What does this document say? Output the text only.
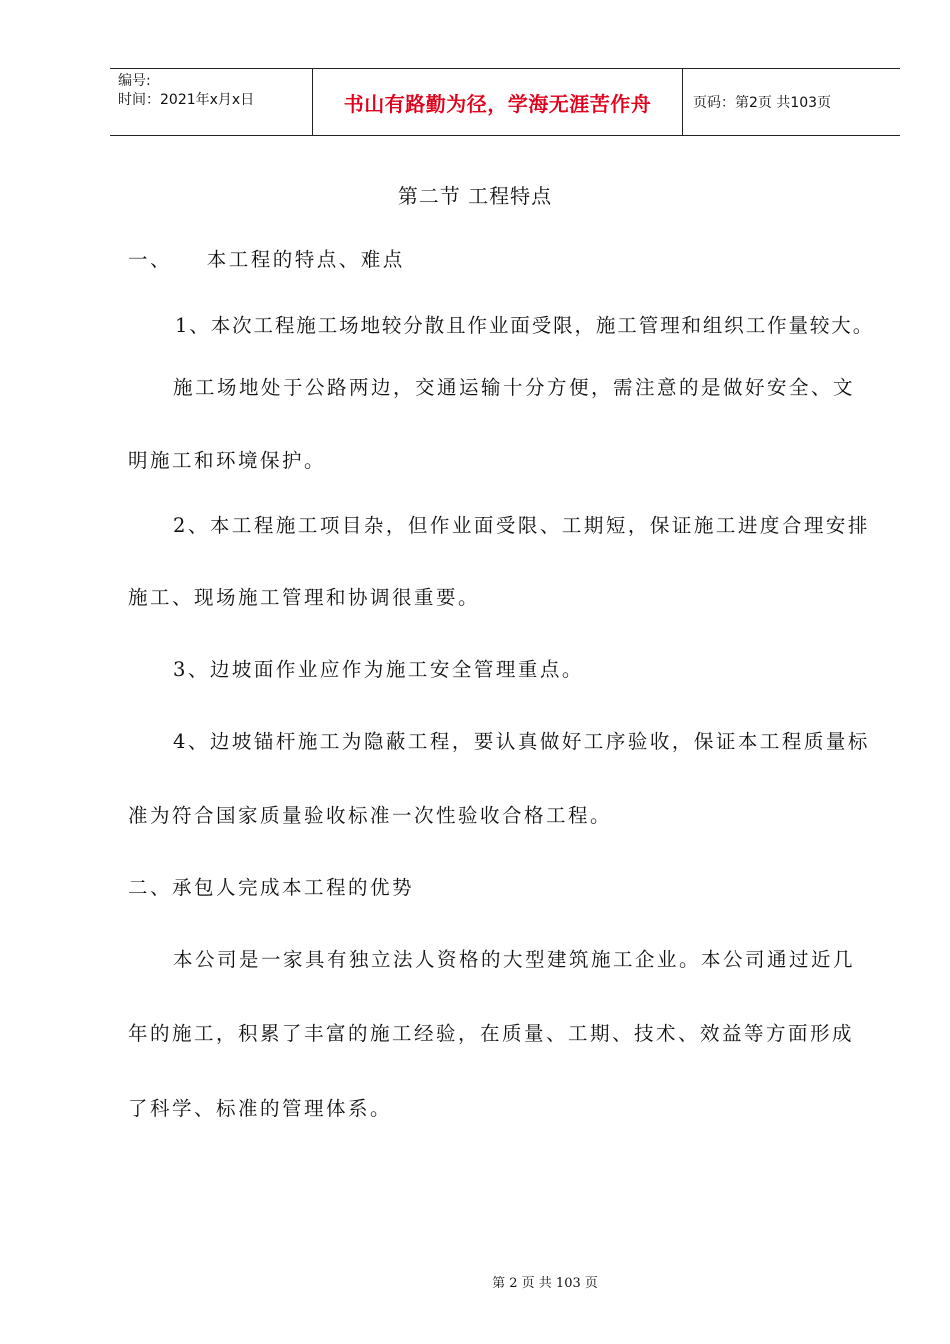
编号:
时间：2021年x月x日	书山有路勤为径，学海无涯苦作舟	页码：第2页 共103页
第二节 工程特点
一、    本工程的特点、难点
1、本次工程施工场地较分散且作业面受限，施工管理和组织工作量较大。
施工场地处于公路两边，交通运输十分方便，需注意的是做好安全、文
明施工和环境保护。
2、本工程施工项目杂，但作业面受限、工期短，保证施工进度合理安排
施工、现场施工管理和协调很重要。
3、边坡面作业应作为施工安全管理重点。
4、边坡锚杆施工为隐蔽工程，要认真做好工序验收，保证本工程质量标
准为符合国家质量验收标准一次性验收合格工程。
二、承包人完成本工程的优势
本公司是一家具有独立法人资格的大型建筑施工企业。本公司通过近几
年的施工，积累了丰富的施工经验，在质量、工期、技术、效益等方面形成
了科学、标准的管理体系。
第 2 页 共 103 页
